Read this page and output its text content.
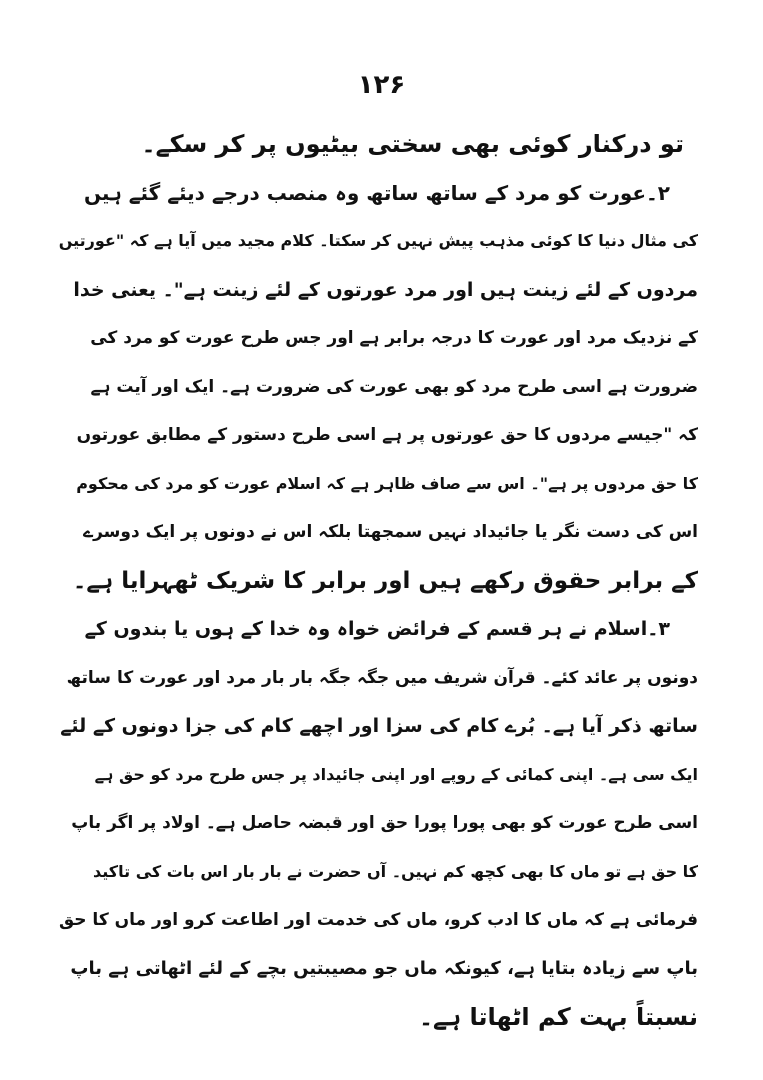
۱۲۶
تو درکنار کوئی بھی سختی بیٹیوں پر کر سکے۔
۲۔عورت کو مرد کے ساتھ ساتھ وہ منصب درجے دیئے گئے ہیں
کی مثال دنیا کا کوئی مذہب پیش نہیں کر سکتا۔ کلام مجید میں آیا ہے کہ "عورتیں
مردوں کے لئے زینت ہیں اور مرد عورتوں کے لئے زینت ہے"۔ یعنی خدا
کے نزدیک مرد اور عورت کا درجہ برابر ہے اور جس طرح عورت کو مرد کی
ضرورت ہے اسی طرح مرد کو بھی عورت کی ضرورت ہے۔ ایک اور آیت ہے
کہ "جیسے مردوں کا حق عورتوں پر ہے اسی طرح دستور کے مطابق عورتوں
کا حق مردوں پر ہے"۔ اس سے صاف ظاہر ہے کہ اسلام عورت کو مرد کی محکوم
اس کی دست نگر یا جائیداد نہیں سمجھتا بلکہ اس نے دونوں پر ایک دوسرے
کے برابر حقوق رکھے ہیں اور برابر کا شریک ٹھہرایا ہے۔
۳۔اسلام نے ہر قسم کے فرائض خواہ وہ خدا کے ہوں یا بندوں کے
دونوں پر عائد کئے۔ قرآن شریف میں جگہ جگہ بار بار مرد اور عورت کا ساتھ
ساتھ ذکر آیا ہے۔ بُرے کام کی سزا اور اچھے کام کی جزا دونوں کے لئے
ایک سی ہے۔ اپنی کمائی کے روپے اور اپنی جائیداد پر جس طرح مرد کو حق ہے
اسی طرح عورت کو بھی پورا پورا حق اور قبضہ حاصل ہے۔ اولاد پر اگر باپ
کا حق ہے تو ماں کا بھی کچھ کم نہیں۔ آں حضرت نے بار بار اس بات کی تاکید
فرمائی ہے کہ ماں کا ادب کرو، ماں کی خدمت اور اطاعت کرو اور ماں کا حق
باپ سے زیادہ بتایا ہے، کیونکہ ماں جو مصیبتیں بچے کے لئے اٹھاتی ہے باپ
نسبتاً بہت کم اٹھاتا ہے۔
